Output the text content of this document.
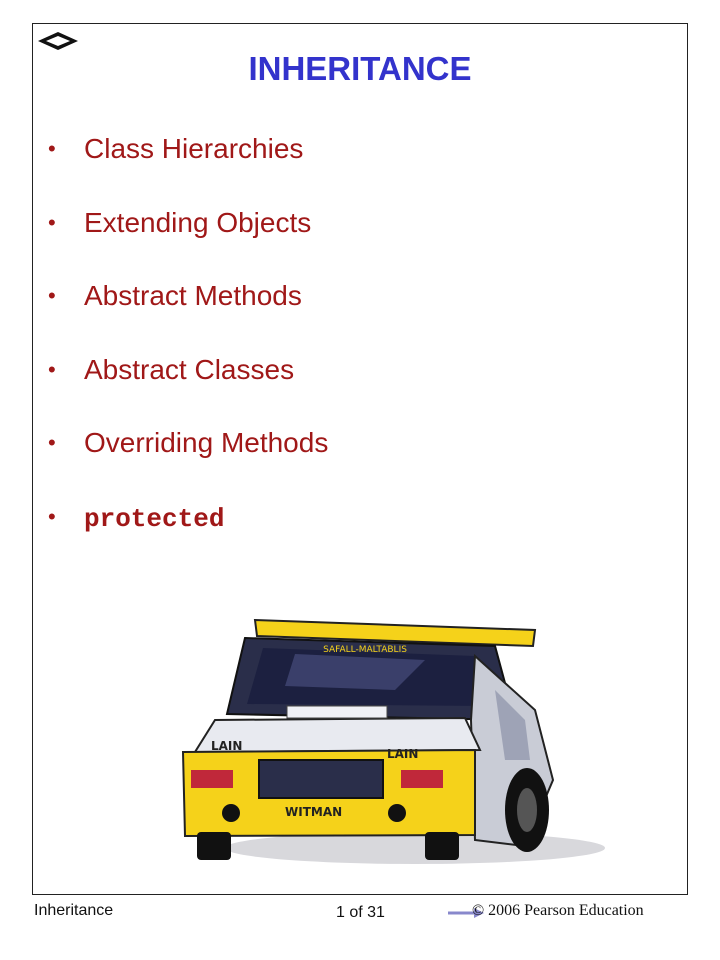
INHERITANCE
• Class Hierarchies
• Extending Objects
• Abstract Methods
• Abstract Classes
• Overriding Methods
• protected
SAFALL-MALTABLIS
LAIN
LAIN
WITMAN
Inheritance	1 of 31	© 2006 Pearson Education
